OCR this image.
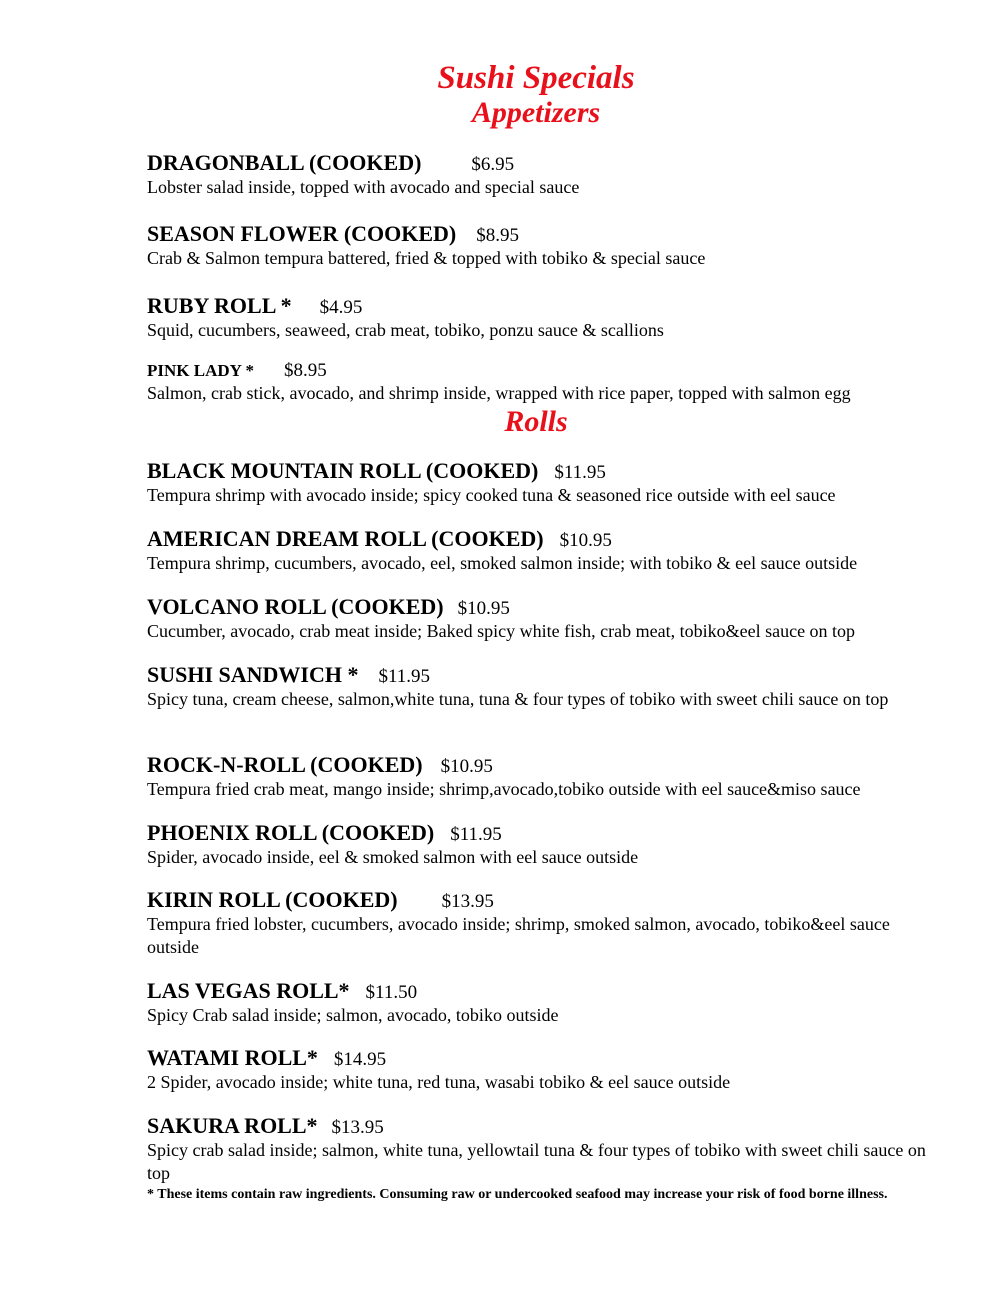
Sushi Specials
Appetizers
DRAGONBALL (COOKED)	$6.95
Lobster salad inside, topped with avocado and special sauce
SEASON FLOWER (COOKED) $8.95
Crab & Salmon tempura battered, fried & topped with tobiko & special sauce
RUBY ROLL * $4.95
Squid, cucumbers, seaweed, crab meat, tobiko, ponzu sauce & scallions
PINK LADY * $8.95
Salmon, crab stick, avocado, and shrimp inside, wrapped with rice paper, topped with salmon egg
Rolls
BLACK MOUNTAIN ROLL (COOKED) $11.95
Tempura shrimp with avocado inside; spicy cooked tuna & seasoned rice outside with eel sauce
AMERICAN DREAM ROLL (COOKED) $10.95
Tempura shrimp, cucumbers, avocado, eel, smoked salmon inside; with tobiko & eel sauce outside
VOLCANO ROLL (COOKED) $10.95
Cucumber, avocado, crab meat inside; Baked spicy white fish, crab meat, tobiko&eel sauce on top
SUSHI SANDWICH * $11.95
Spicy tuna, cream cheese, salmon,white tuna, tuna & four types of tobiko with sweet chili sauce on top
ROCK-N-ROLL (COOKED) $10.95
Tempura fried crab meat, mango inside; shrimp,avocado,tobiko outside with eel sauce&miso sauce
PHOENIX ROLL (COOKED) $11.95
Spider, avocado inside, eel & smoked salmon with eel sauce outside
KIRIN ROLL (COOKED) $13.95
Tempura fried lobster, cucumbers, avocado inside; shrimp, smoked salmon, avocado, tobiko&eel sauce outside
LAS VEGAS ROLL* $11.50
Spicy Crab salad inside; salmon, avocado, tobiko outside
WATAMI ROLL* $14.95
2 Spider, avocado inside; white tuna, red tuna, wasabi tobiko & eel sauce outside
SAKURA ROLL* $13.95
Spicy crab salad inside; salmon, white tuna, yellowtail tuna & four types of tobiko with sweet chili sauce on top
* These items contain raw ingredients. Consuming raw or undercooked seafood may increase your risk of food borne illness.
